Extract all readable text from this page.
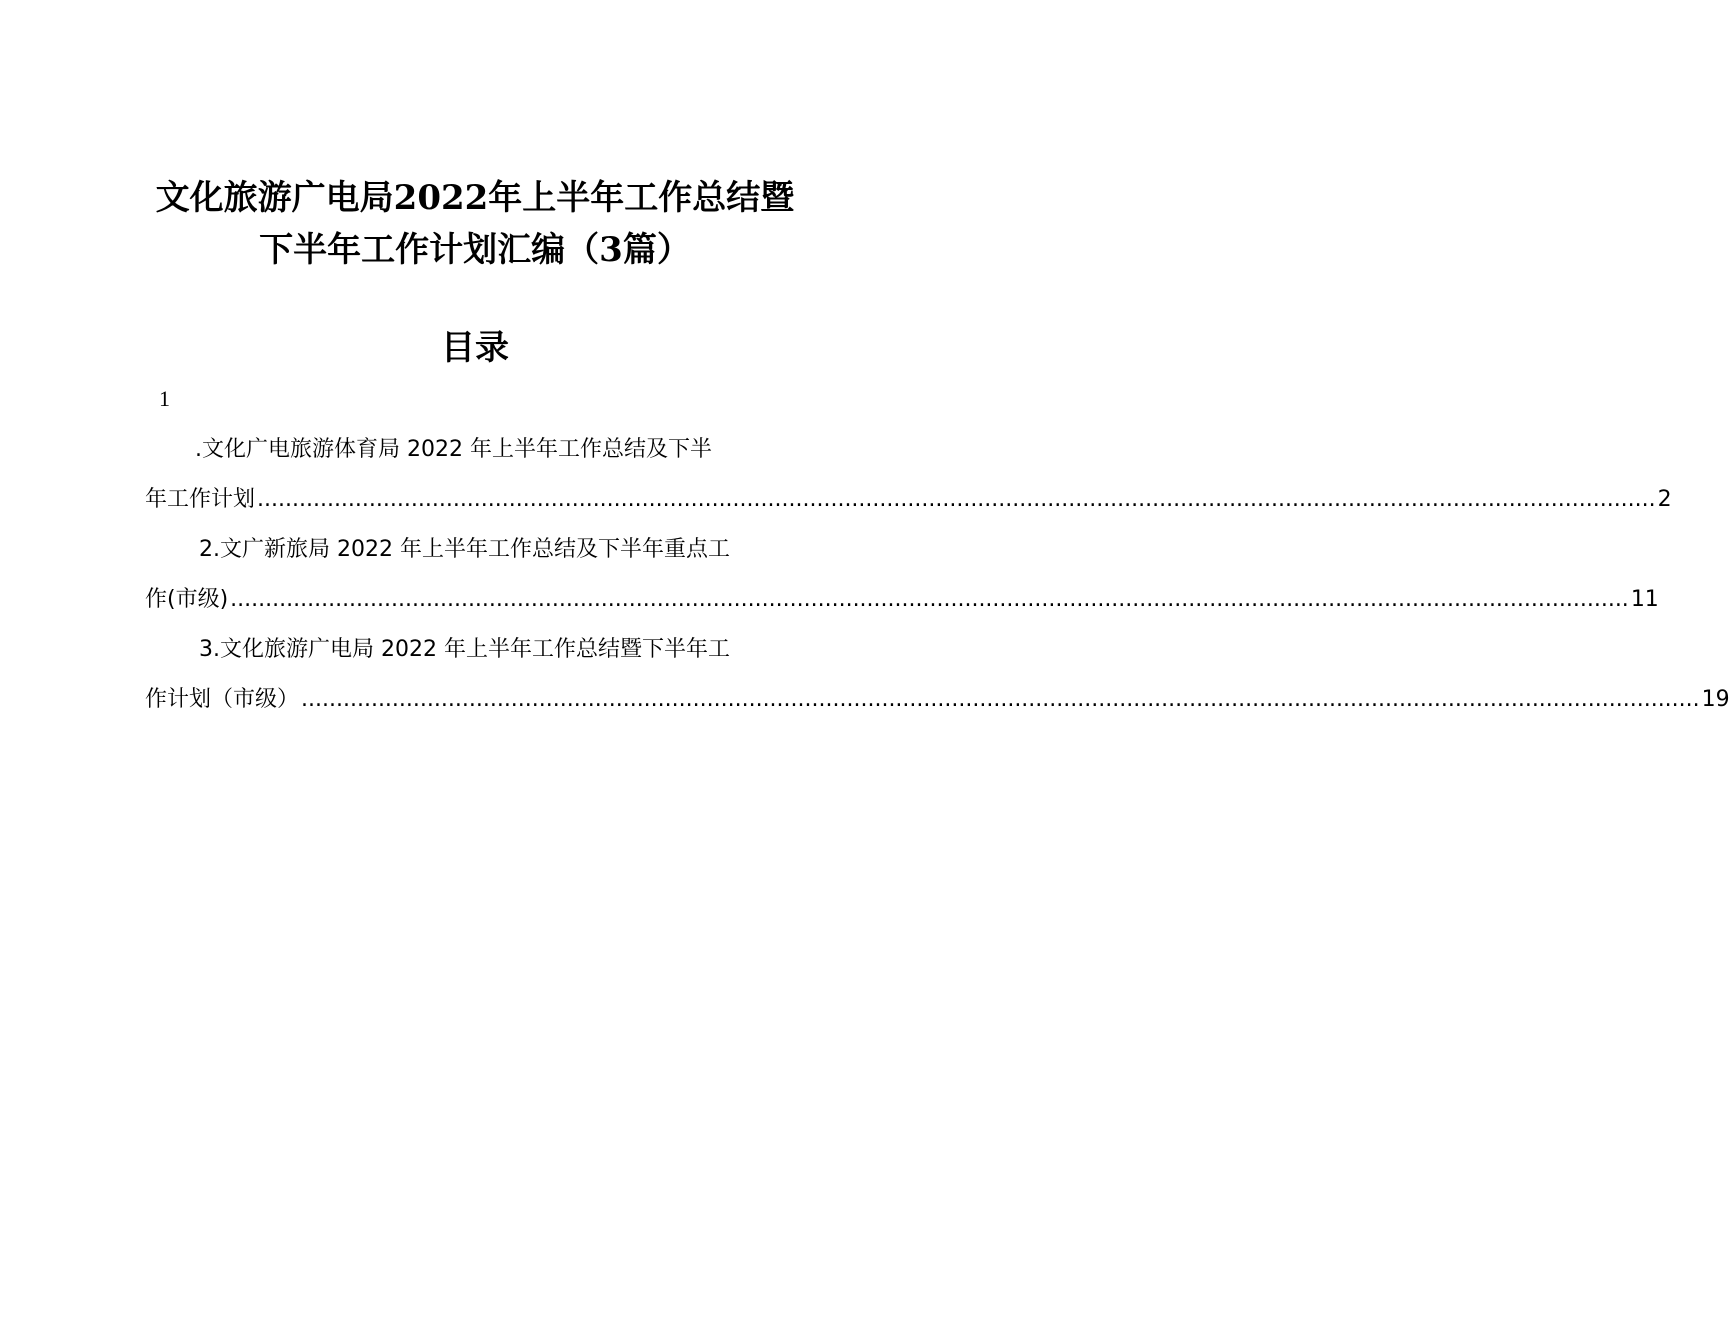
文化旅游广电局2022年上半年工作总结暨
下半年工作计划汇编（3篇）
目录
1
.文化广电旅游体育局 2022 年上半年工作总结及下半
年工作计划 ........................................................................................................................................................................................................ 2
2.文广新旅局 2022 年上半年工作总结及下半年重点工
作(市级) ........................................................................................................................................................................................................ 11
3.文化旅游广电局 2022 年上半年工作总结暨下半年工
作计划（市级） ........................................................................................................................................................................................................ 19
